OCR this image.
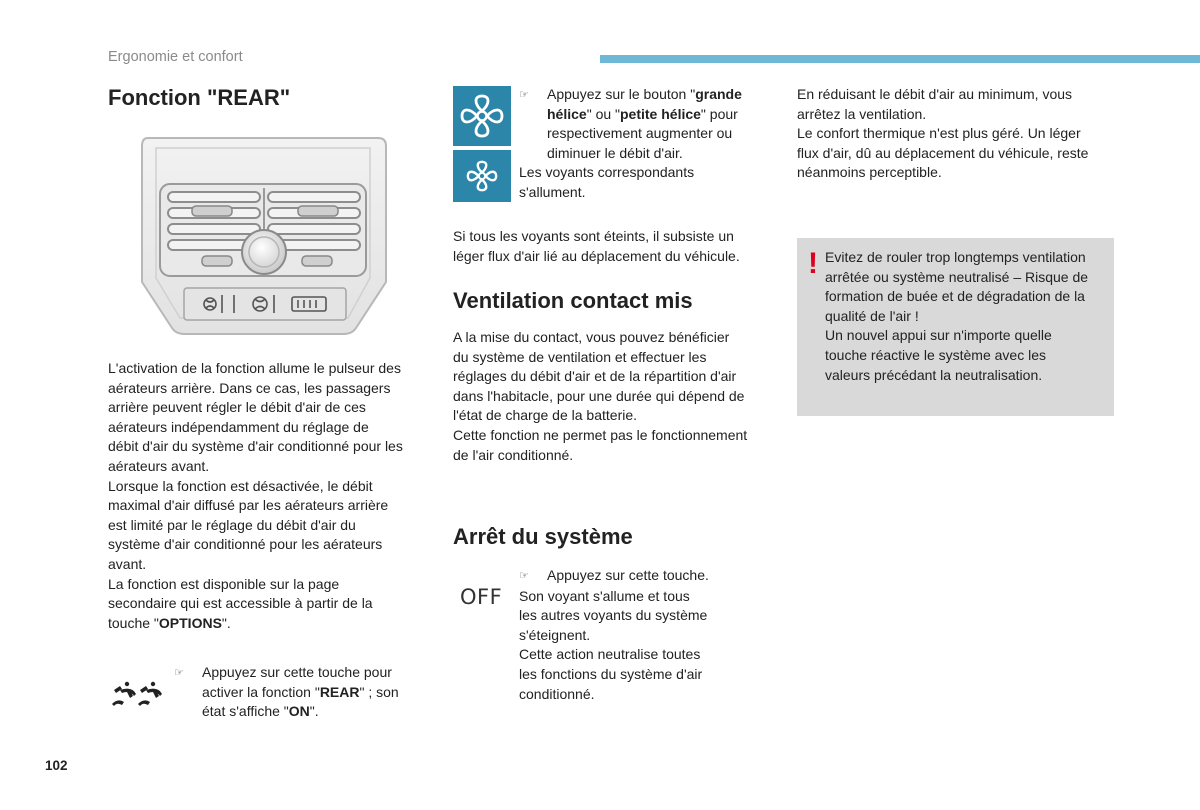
Ergonomie et confort
Fonction "REAR"
L'activation de la fonction allume le pulseur des
aérateurs arrière. Dans ce cas, les passagers
arrière peuvent régler le débit d'air de ces
aérateurs indépendamment du réglage de
débit d'air du système d'air conditionné pour les
aérateurs avant.
Lorsque la fonction est désactivée, le débit
maximal d'air diffusé par les aérateurs arrière
est limité par le réglage du débit d'air du
système d'air conditionné pour les aérateurs
avant.
La fonction est disponible sur la page
secondaire qui est accessible à partir de la
touche "OPTIONS".
☞	Appuyez sur cette touche pour
activer la fonction "REAR" ; son
état s'affiche "ON".
102
☞	Appuyez sur le bouton "grande
hélice" ou "petite hélice" pour
respectivement augmenter ou
diminuer le débit d'air.
Les voyants correspondants
s'allument.
Si tous les voyants sont éteints, il subsiste un
léger flux d'air lié au déplacement du véhicule.
Ventilation contact mis
A la mise du contact, vous pouvez bénéficier
du système de ventilation et effectuer les
réglages du débit d'air et de la répartition d'air
dans l'habitacle, pour une durée qui dépend de
l'état de charge de la batterie.
Cette fonction ne permet pas le fonctionnement
de l'air conditionné.
Arrêt du système
OFF
☞	Appuyez sur cette touche.
Son voyant s'allume et tous
les autres voyants du système
s'éteignent.
Cette action neutralise toutes
les fonctions du système d'air
conditionné.
En réduisant le débit d'air au minimum, vous
arrêtez la ventilation.
Le confort thermique n'est plus géré. Un léger
flux d'air, dû au déplacement du véhicule, reste
néanmoins perceptible.
! Evitez de rouler trop longtemps ventilation
arrêtée ou système neutralisé – Risque de
formation de buée et de dégradation de la
qualité de l'air !
Un nouvel appui sur n'importe quelle
touche réactive le système avec les
valeurs précédant la neutralisation.
